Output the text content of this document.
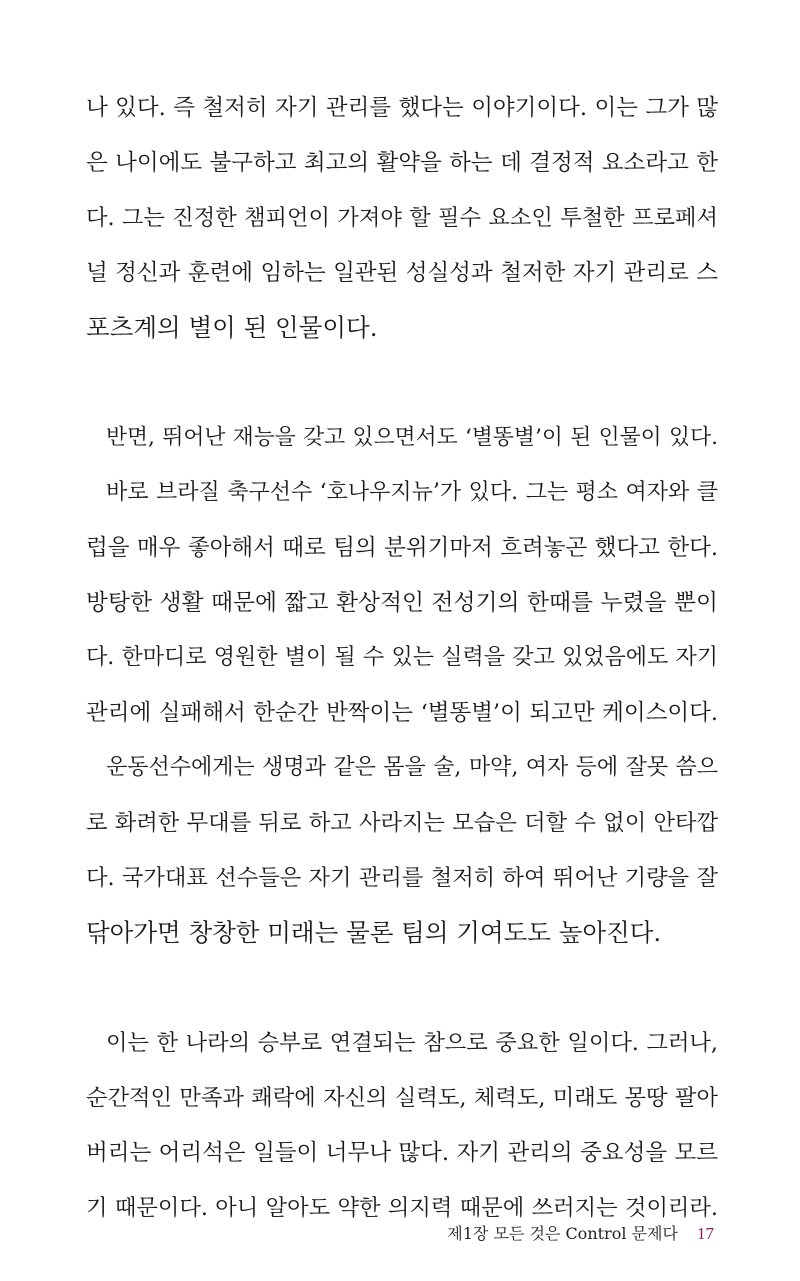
나 있다. 즉 철저히 자기 관리를 했다는 이야기이다. 이는 그가 많
은 나이에도 불구하고 최고의 활약을 하는 데 결정적 요소라고 한
다. 그는 진정한 챔피언이 가져야 할 필수 요소인 투철한 프로페셔
널 정신과 훈련에 임하는 일관된 성실성과 철저한 자기 관리로 스
포츠계의 별이 된 인물이다.
반면, 뛰어난 재능을 갖고 있으면서도 ‘별똥별’이 된 인물이 있다.
바로 브라질 축구선수 ‘호나우지뉴’가 있다. 그는 평소 여자와 클
럽을 매우 좋아해서 때로 팀의 분위기마저 흐려놓곤 했다고 한다.
방탕한 생활 때문에 짧고 환상적인 전성기의 한때를 누렸을 뿐이
다. 한마디로 영원한 별이 될 수 있는 실력을 갖고 있었음에도 자기
관리에 실패해서 한순간 반짝이는 ‘별똥별’이 되고만 케이스이다.
운동선수에게는 생명과 같은 몸을 술, 마약, 여자 등에 잘못 씀으
로 화려한 무대를 뒤로 하고 사라지는 모습은 더할 수 없이 안타깝
다. 국가대표 선수들은 자기 관리를 철저히 하여 뛰어난 기량을 잘
닦아가면 창창한 미래는 물론 팀의 기여도도 높아진다.
이는 한 나라의 승부로 연결되는 참으로 중요한 일이다. 그러나,
순간적인 만족과 쾌락에 자신의 실력도, 체력도, 미래도 몽땅 팔아
버리는 어리석은 일들이 너무나 많다. 자기 관리의 중요성을 모르
기 때문이다. 아니 알아도 약한 의지력 때문에 쓰러지는 것이리라.
제1장 모든 것은 Control 문제다 17
